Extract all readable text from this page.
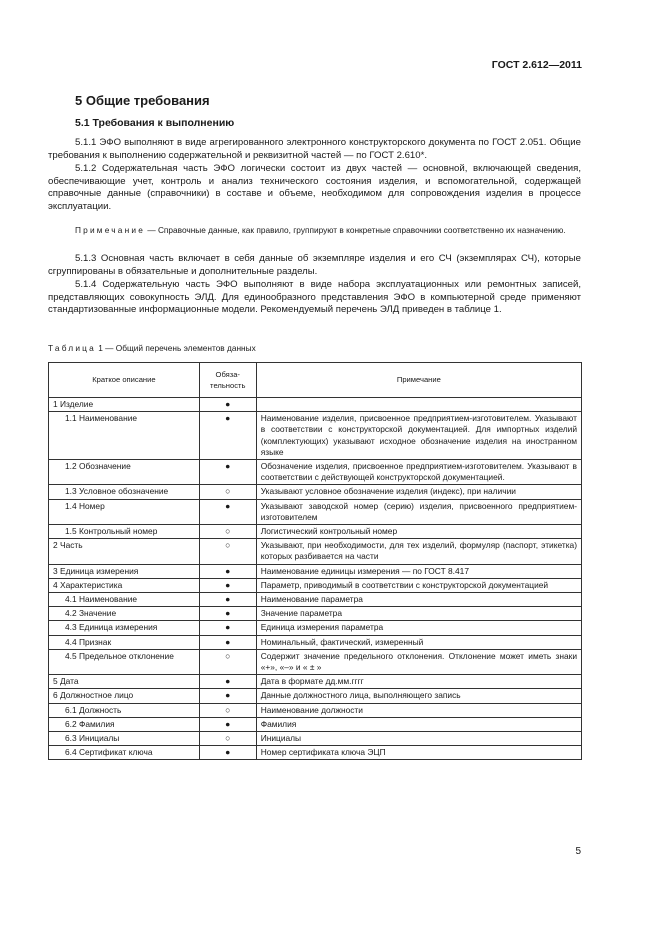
ГОСТ 2.612—2011
5 Общие требования
5.1 Требования к выполнению
5.1.1 ЭФО выполняют в виде агрегированного электронного конструкторского документа по ГОСТ 2.051. Общие требования к выполнению содержательной и реквизитной частей — по ГОСТ 2.610*.
5.1.2 Содержательная часть ЭФО логически состоит из двух частей — основной, включающей сведения, обеспечивающие учет, контроль и анализ технического состояния изделия, и вспомогательной, содержащей справочные данные (справочники) в составе и объеме, необходимом для сопровождения изделия в процессе эксплуатации.
Примечание — Справочные данные, как правило, группируют в конкретные справочники соответственно их назначению.
5.1.3 Основная часть включает в себя данные об экземпляре изделия и его СЧ (экземплярах СЧ), которые сгруппированы в обязательные и дополнительные разделы.
5.1.4 Содержательную часть ЭФО выполняют в виде набора эксплуатационных или ремонтных записей, представляющих совокупность ЭЛД. Для единообразного представления ЭФО в компьютерной среде применяют стандартизованные информационные модели. Рекомендуемый перечень ЭЛД приведен в таблице 1.
Таблица 1 — Общий перечень элементов данных
Краткое описание	Обяза-тельность	Примечание
1 Изделие	●	
1.1 Наименование	●	Наименование изделия, присвоенное предприятием-изготовителем. Указывают в соответствии с конструкторской документацией. Для импортных изделий (комплектующих) указывают исходное обозначение изделия на иностранном языке
1.2 Обозначение	●	Обозначение изделия, присвоенное предприятием-изготовителем. Указывают в соответствии с действующей конструкторской документацией.
1.3 Условное обозначение	○	Указывают условное обозначение изделия (индекс), при наличии
1.4 Номер	●	Указывают заводской номер (серию) изделия, присвоенного предприятием-изготовителем
1.5 Контрольный номер	○	Логистический контрольный номер
2 Часть	○	Указывают, при необходимости, для тех изделий, формуляр (паспорт, этикетка) которых разбивается на части
3 Единица измерения	●	Наименование единицы измерения — по ГОСТ 8.417
4 Характеристика	●	Параметр, приводимый в соответствии с конструкторской документацией
4.1 Наименование	●	Наименование параметра
4.2 Значение	●	Значение параметра
4.3 Единица измерения	●	Единица измерения параметра
4.4 Признак	●	Номинальный, фактический, измеренный
4.5 Предельное отклонение	○	Содержит значение предельного отклонения. Отклонение может иметь знаки «+», «–» и « ± »
5 Дата	●	Дата в формате дд.мм.гггг
6 Должностное лицо	●	Данные должностного лица, выполняющего запись
6.1 Должность	○	Наименование должности
6.2 Фамилия	●	Фамилия
6.3 Инициалы	○	Инициалы
6.4 Сертификат ключа	●	Номер сертификата ключа ЭЦП
5
